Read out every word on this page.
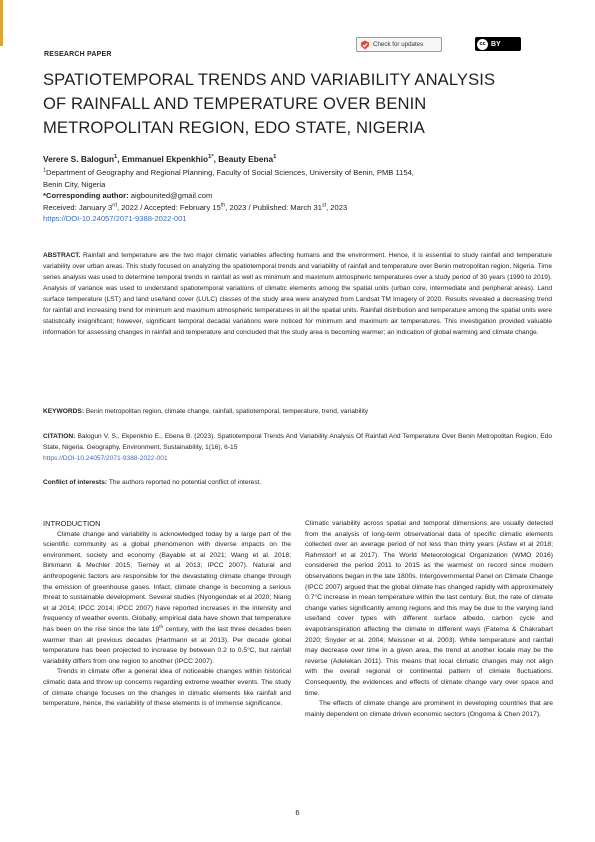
RESEARCH PAPER
Check for updates	cc BY
SPATIOTEMPORAL TRENDS AND VARIABILITY ANALYSIS
OF RAINFALL AND TEMPERATURE OVER BENIN
METROPOLITAN REGION, EDO STATE, NIGERIA
Verere S. Balogun$^1$, Emmanuel Ekpenkhio$^{1*}$, Beauty Ebena$^1$
$^1$Department of Geography and Regional Planning, Faculty of Social Sciences, University of Benin, PMB 1154,
Benin City, Nigeria
*Corresponding author: aigbounited@gmail.com
Received: January 3rd, 2022 / Accepted: February 15th, 2023 / Published: March 31st, 2023
https://DOI-10.24057/2071-9388-2022-001
ABSTRACT. Rainfall and temperature are the two major climatic variables affecting humans and the environment. Hence, it is essential to study rainfall and temperature variability over urban areas. This study focused on analyzing the spatiotemporal trends and variability of rainfall and temperature over Benin metropolitan region, Nigeria. Time series analysis was used to determine temporal trends in rainfall as well as minimum and maximum atmospheric temperatures over a study period of 30 years (1990 to 2019). Analysis of variance was used to understand spatiotemporal variations of climatic elements among the spatial units (urban core, intermediate and peripheral areas). Land surface temperature (LST) and land use/land cover (LULC) classes of the study area were analyzed from Landsat TM Imagery of 2020. Results revealed a decreasing trend for rainfall and increasing trend for minimum and maximum atmospheric temperatures in all the spatial units. Rainfall distribution and temperature among the spatial units were statistically insignificant; however, significant temporal decadal variations were noticed for minimum and maximum air temperatures. This investigation provided valuable information for assessing changes in rainfall and temperature and concluded that the study area is becoming warmer; an indication of global warming and climate change.
KEYWORDS: Benin metropolitan region, climate change, rainfall, spatiotemporal, temperature, trend, variability
CITATION: Balogun V. S., Ekpenkhio E., Ebena B. (2023). Spatiotemporal Trends And Variability Analysis Of Rainfall And Temperature Over Benin Metropolitan Region, Edo State, Nigeria. Geography, Environment, Sustainability, 1(16), 6-15
https://DOI-10.24057/2071-9388-2022-001
Conflict of interests: The authors reported no potential conflict of interest.

INTRODUCTION

Climate change and variability is acknowledged today by a large part of the scientific community as a global phenomenon with diverse impacts on the environment, society and economy (Bayable et al 2021; Wang et al. 2018; Birkmann & Mechler 2015; Tierney et al 2013; IPCC 2007). Natural and anthropogenic factors are responsible for the devastating climate change through the emission of greenhouse gases. Infact, climate change is becoming a serious threat to sustainable development. Several studies (Nyongendak et al 2020; Niang et al 2014; IPCC 2014; IPCC 2007) have reported increases in the intensity and frequency of weather events. Globally, empirical data have shown that temperature has been on the rise since the late 19th century, with the last three decades been warmer than all previous decades (Hartmann et al 2013). Per decade global temperature has been projected to increase by between 0.2 to 0.5°C, but rainfall variability differs from one region to another (IPCC 2007).

Trends in climate offer a general idea of noticeable changes within historical climatic data and throw up concerns regarding extreme weather events. The study of climate change focuses on the changes in climatic elements like rainfall and temperature, hence, the variability of these elements is of immense significance.

Climatic variability across spatial and temporal dimensions are usually detected from the analysis of long-term observational data of specific climatic elements collected over an average period of not less than thirty years (Asfaw et al 2018; Rahmstorf et al 2017). The World Meteorological Organization (WMO 2016) considered the period 2011 to 2015 as the warmest on record since modern observations began in the late 1800s. Intergovernmental Panel on Climate Change (IPCC 2007) argued that the global climate has changed rapidly with approximately 0.7°C increase in mean temperature within the last century. But, the rate of climate change varies significantly among regions and this may be due to the varying land use/land cover types with different surface albedo, carbon cycle and evapotranspiration affecting the climate in different ways (Fatema & Chakrabart 2020; Snyder et al. 2004; Meissner et al. 2003). While temperature and rainfall may decrease over time in a given area, the trend at another locale may be the reverse (Adelekan 2011). This means that local climatic changes may not align with the overall regional or continental pattern of climate fluctuations. Consequently, the evidences and effects of climate change vary over space and time.

The effects of climate change are prominent in developing countries that are mainly dependent on climate driven economic sectors (Ongoma & Chen 2017).

6
